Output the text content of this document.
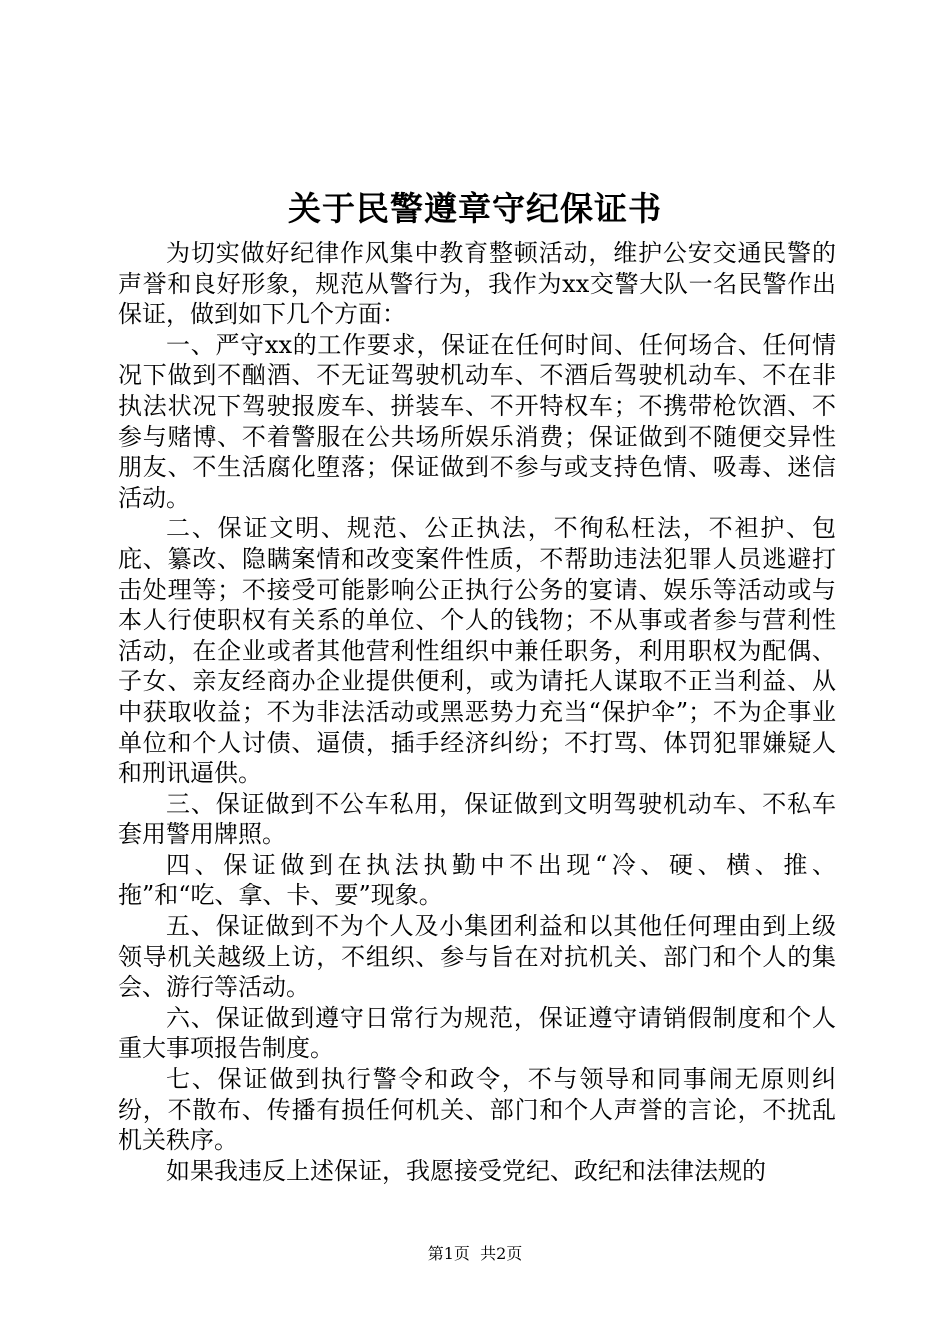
关于民警遵章守纪保证书

为切实做好纪律作风集中教育整顿活动，维护公安交通民警的声誉和良好形象，规范从警行为，我作为xx交警大队一名民警作出保证，做到如下几个方面：

一、严守xx的工作要求，保证在任何时间、任何场合、任何情况下做到不酗酒、不无证驾驶机动车、不酒后驾驶机动车、不在非执法状况下驾驶报废车、拼装车、不开特权车；不携带枪饮酒、不参与赌博、不着警服在公共场所娱乐消费；保证做到不随便交异性朋友、不生活腐化堕落；保证做到不参与或支持色情、吸毒、迷信活动。

二、保证文明、规范、公正执法，不徇私枉法，不袒护、包庇、纂改、隐瞒案情和改变案件性质，不帮助违法犯罪人员逃避打击处理等；不接受可能影响公正执行公务的宴请、娱乐等活动或与本人行使职权有关系的单位、个人的钱物；不从事或者参与营利性活动，在企业或者其他营利性组织中兼任职务，利用职权为配偶、子女、亲友经商办企业提供便利，或为请托人谋取不正当利益、从中获取收益；不为非法活动或黑恶势力充当“保护伞”；不为企事业单位和个人讨债、逼债，插手经济纠纷；不打骂、体罚犯罪嫌疑人和刑讯逼供。

三、保证做到不公车私用，保证做到文明驾驶机动车、不私车套用警用牌照。

四、保证做到在执法执勤中不出现“冷、硬、横、推、拖”和“吃、拿、卡、要”现象。

五、保证做到不为个人及小集团利益和以其他任何理由到上级领导机关越级上访，不组织、参与旨在对抗机关、部门和个人的集会、游行等活动。

六、保证做到遵守日常行为规范，保证遵守请销假制度和个人重大事项报告制度。

七、保证做到执行警令和政令，不与领导和同事闹无原则纠纷，不散布、传播有损任何机关、部门和个人声誉的言论，不扰乱机关秩序。

如果我违反上述保证，我愿接受党纪、政纪和法律法规的

第1页  共2页
